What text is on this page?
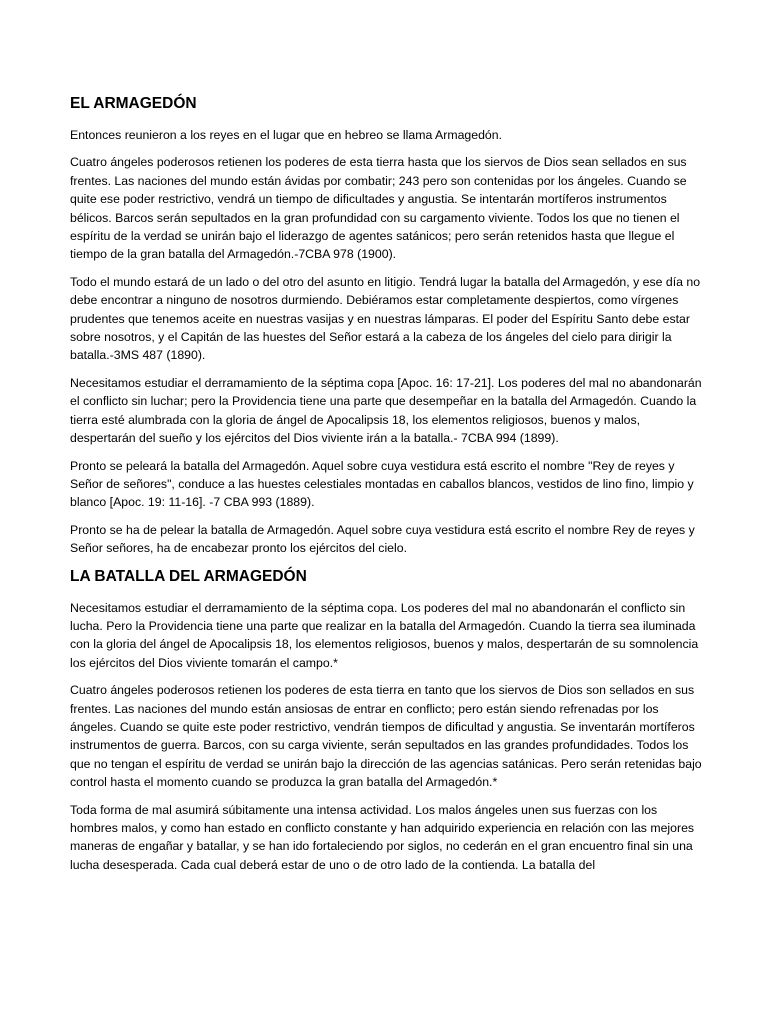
EL ARMAGEDÓN

Entonces reunieron a los reyes en el lugar que en hebreo se llama Armagedón.

Cuatro ángeles poderosos retienen los poderes de esta tierra hasta que los siervos de Dios sean sellados en sus frentes. Las naciones del mundo están ávidas por combatir; 243 pero son contenidas por los ángeles. Cuando se quite ese poder restrictivo, vendrá un tiempo de dificultades y angustia. Se intentarán mortíferos instrumentos bélicos. Barcos serán sepultados en la gran profundidad con su cargamento viviente. Todos los que no tienen el espíritu de la verdad se unirán bajo el liderazgo de agentes satánicos; pero serán retenidos hasta que llegue el tiempo de la gran batalla del Armagedón.-7CBA 978 (1900).

Todo el mundo estará de un lado o del otro del asunto en litigio. Tendrá lugar la batalla del Armagedón, y ese día no debe encontrar a ninguno de nosotros durmiendo. Debiéramos estar completamente despiertos, como vírgenes prudentes que tenemos aceite en nuestras vasijas y en nuestras lámparas. El poder del Espíritu Santo debe estar sobre nosotros, y el Capitán de las huestes del Señor estará a la cabeza de los ángeles del cielo para dirigir la batalla.-3MS 487 (1890).

Necesitamos estudiar el derramamiento de la séptima copa [Apoc. 16: 17-21]. Los poderes del mal no abandonarán el conflicto sin luchar; pero la Providencia tiene una parte que desempeñar en la batalla del Armagedón. Cuando la tierra esté alumbrada con la gloria de ángel de Apocalipsis 18, los elementos religiosos, buenos y malos, despertarán del sueño y los ejércitos del Dios viviente irán a la batalla.- 7CBA 994 (1899).

Pronto se peleará la batalla del Armagedón. Aquel sobre cuya vestidura está escrito el nombre "Rey de reyes y Señor de señores", conduce a las huestes celestiales montadas en caballos blancos, vestidos de lino fino, limpio y blanco [Apoc. 19: 11-16]. -7 CBA 993 (1889).

Pronto se ha de pelear la batalla de Armagedón. Aquel sobre cuya vestidura está escrito el nombre Rey de reyes y Señor señores, ha de encabezar pronto los ejércitos del cielo.

LA BATALLA DEL ARMAGEDÓN

Necesitamos estudiar el derramamiento de la séptima copa. Los poderes del mal no abandonarán el conflicto sin lucha. Pero la Providencia tiene una parte que realizar en la batalla del Armagedón. Cuando la tierra sea iluminada con la gloria del ángel de Apocalipsis 18, los elementos religiosos, buenos y malos, despertarán de su somnolencia los ejércitos del Dios viviente tomarán el campo.*

Cuatro ángeles poderosos retienen los poderes de esta tierra en tanto que los siervos de Dios son sellados en sus frentes. Las naciones del mundo están ansiosas de entrar en conflicto; pero están siendo refrenadas por los ángeles. Cuando se quite este poder restrictivo, vendrán tiempos de dificultad y angustia. Se inventarán mortíferos instrumentos de guerra. Barcos, con su carga viviente, serán sepultados en las grandes profundidades. Todos los que no tengan el espíritu de verdad se unirán bajo la dirección de las agencias satánicas. Pero serán retenidas bajo control hasta el momento cuando se produzca la gran batalla del Armagedón.*

Toda forma de mal asumirá súbitamente una intensa actividad. Los malos ángeles unen sus fuerzas con los hombres malos, y como han estado en conflicto constante y han adquirido experiencia en relación con las mejores maneras de engañar y batallar, y se han ido fortaleciendo por siglos, no cederán en el gran encuentro final sin una lucha desesperada. Cada cual deberá estar de uno o de otro lado de la contienda. La batalla del
